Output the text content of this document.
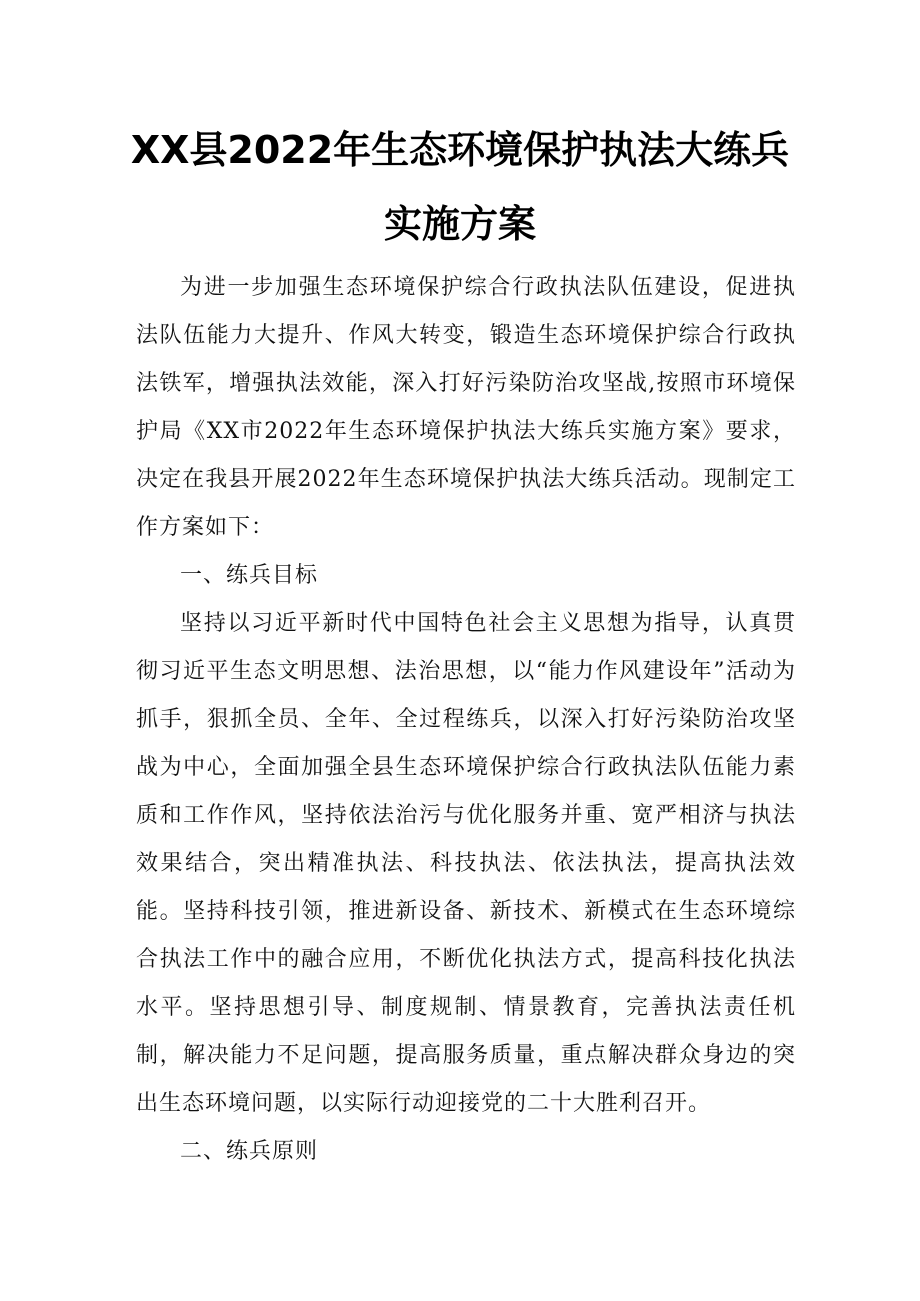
XX县2022年生态环境保护执法大练兵
实施方案

为进一步加强生态环境保护综合行政执法队伍建设，促进执法队伍能力大提升、作风大转变，锻造生态环境保护综合行政执法铁军，增强执法效能，深入打好污染防治攻坚战,按照市环境保护局《XX市2022年生态环境保护执法大练兵实施方案》要求，决定在我县开展2022年生态环境保护执法大练兵活动。现制定工作方案如下：

一、练兵目标

坚持以习近平新时代中国特色社会主义思想为指导，认真贯彻习近平生态文明思想、法治思想，以“能力作风建设年”活动为抓手，狠抓全员、全年、全过程练兵，以深入打好污染防治攻坚战为中心，全面加强全县生态环境保护综合行政执法队伍能力素质和工作作风，坚持依法治污与优化服务并重、宽严相济与执法效果结合，突出精准执法、科技执法、依法执法，提高执法效能。坚持科技引领，推进新设备、新技术、新模式在生态环境综合执法工作中的融合应用，不断优化执法方式，提高科技化执法水平。坚持思想引导、制度规制、情景教育，完善执法责任机制，解决能力不足问题，提高服务质量，重点解决群众身边的突出生态环境问题，以实际行动迎接党的二十大胜利召开。

二、练兵原则
